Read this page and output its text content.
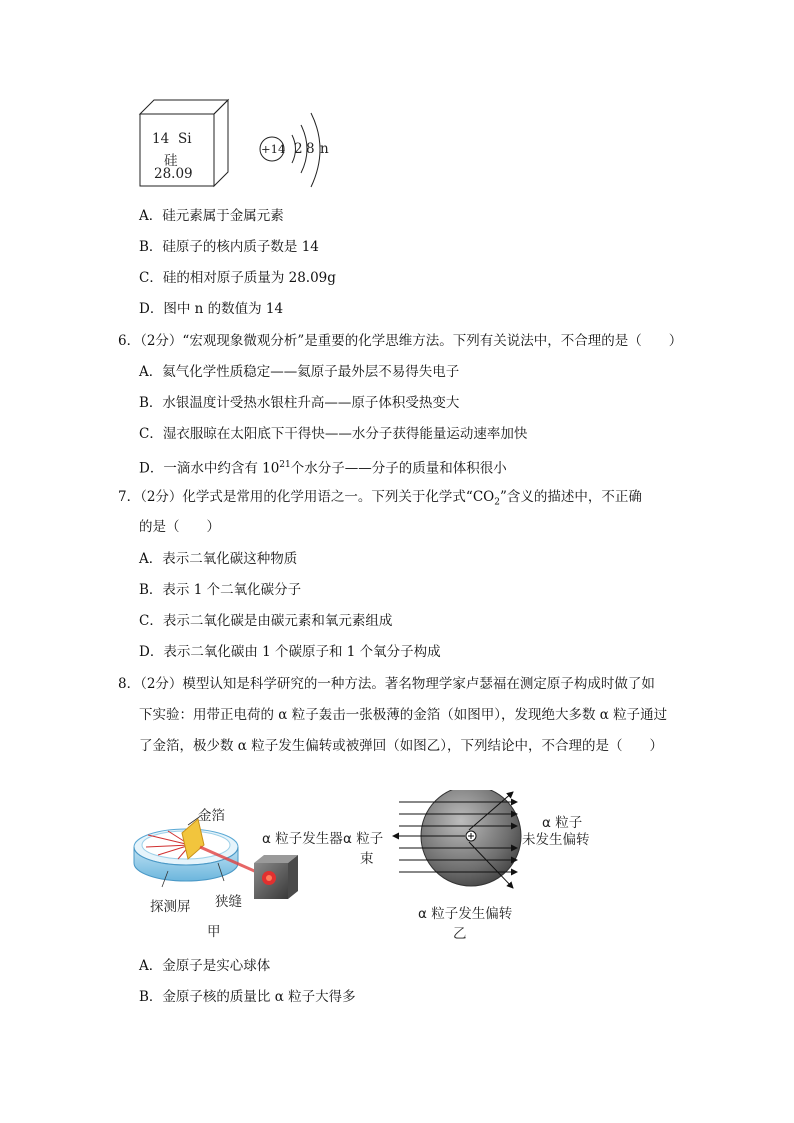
14 Si
硅
28.09
+14 2 8 n
A．硅元素属于金属元素
B．硅原子的核内质子数是 14
C．硅的相对原子质量为 28.09g
D．图中 n 的数值为 14
6．（2分）“宏观现象微观分析”是重要的化学思维方法。下列有关说法中，不合理的是（　　）
A．氦气化学性质稳定——氦原子最外层不易得失电子
B．水银温度计受热水银柱升高——原子体积受热变大
C．湿衣服晾在太阳底下干得快——水分子获得能量运动速率加快
D．一滴水中约含有 $10^{21}$个水分子——分子的质量和体积很小
7．（2分）化学式是常用的化学用语之一。下列关于化学式“$CO_2$”含义的描述中，不正确
的是（　　）
A．表示二氧化碳这种物质
B．表示 1 个二氧化碳分子
C．表示二氧化碳是由碳元素和氧元素组成
D．表示二氧化碳由 1 个碳原子和 1 个氧分子构成
8．（2分）模型认知是科学研究的一种方法。著名物理学家卢瑟福在测定原子构成时做了如
下实验：用带正电荷的 α 粒子轰击一张极薄的金箔（如图甲），发现绝大多数 α 粒子通过
了金箔，极少数 α 粒子发生偏转或被弹回（如图乙），下列结论中，不合理的是（　　）
金箔
α 粒子发生器
探测屏 狭缝
甲
α 粒子
束
α 粒子
未发生偏转
α 粒子发生偏转
乙
A．金原子是实心球体
B．金原子核的质量比 α 粒子大得多
